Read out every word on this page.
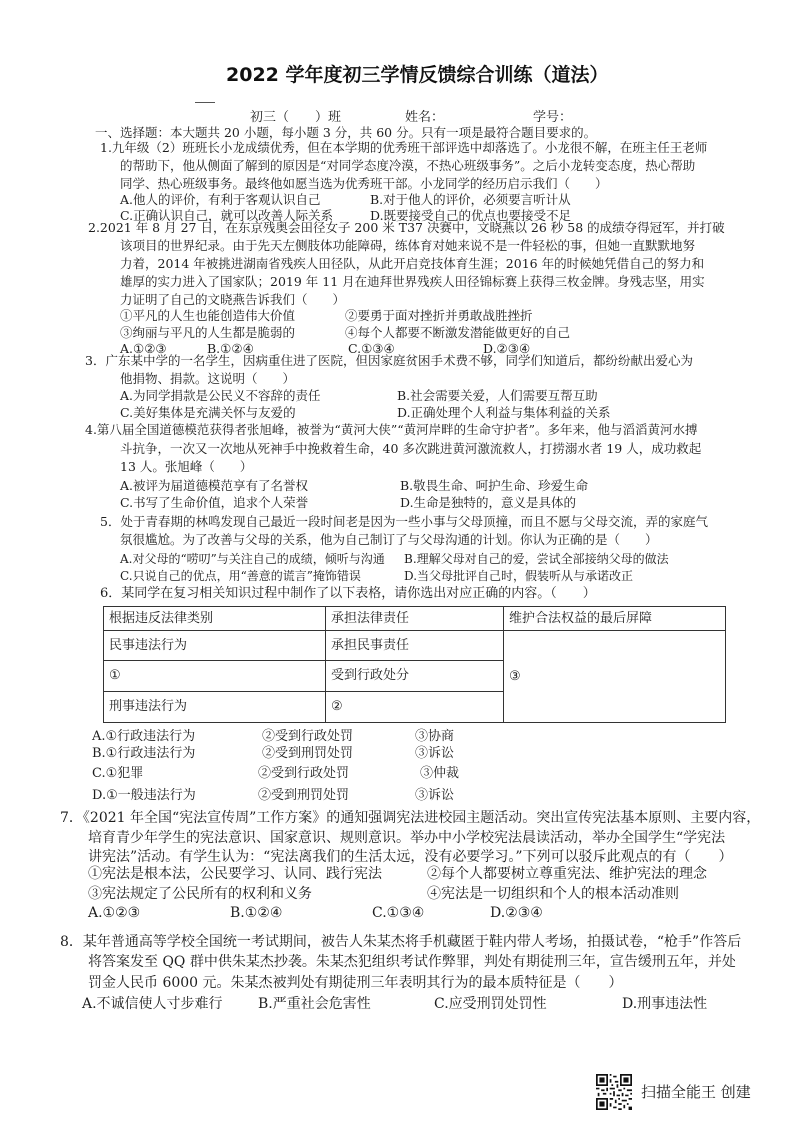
2022 学年度初三学情反馈综合训练（道法）
初三（　　）班	姓名：	学号：
一、选择题：本大题共 20 小题，每小题 3 分，共 60 分。只有一项是最符合题目要求的。
1.九年级（2）班班长小龙成绩优秀，但在本学期的优秀班干部评选中却落选了。小龙很不解，在班主任王老师
的帮助下，他从侧面了解到的原因是“对同学态度冷漠，不热心班级事务”。之后小龙转变态度，热心帮助
同学、热心班级事务。最终他如愿当选为优秀班干部。小龙同学的经历启示我们（　　）
A.他人的评价，有利于客观认识自己	B.对于他人的评价，必须要言听计从
C.正确认识自己，就可以改善人际关系	D.既要接受自己的优点也要接受不足
2.2021 年 8 月 27 日，在东京残奥会田径女子 200 米 T37 决赛中，文晓燕以 26 秒 58 的成绩夺得冠军，并打破
该项目的世界纪录。由于先天左侧肢体功能障碍，练体育对她来说不是一件轻松的事，但她一直默默地努
力着，2014 年被挑进湖南省残疾人田径队，从此开启竞技体育生涯；2016 年的时候她凭借自己的努力和
雄厚的实力进入了国家队；2019 年 11 月在迪拜世界残疾人田径锦标赛上获得三枚金牌。身残志坚，用实
力证明了自己的文晓燕告诉我们（　　）
①平凡的人生也能创造伟大价值	②要勇于面对挫折并勇敢战胜挫折
③绚丽与平凡的人生都是脆弱的	④每个人都要不断激发潜能做更好的自己
A.①②③	B.①②④	C.①③④	D.②③④
3．广东某中学的一名学生，因病重住进了医院，但因家庭贫困手术费不够，同学们知道后，都纷纷献出爱心为
他捐物、捐款。这说明（　　）
A.为同学捐款是公民义不容辞的责任	B.社会需要关爱，人们需要互帮互助
C.美好集体是充满关怀与友爱的	D.正确处理个人利益与集体利益的关系
4.第八届全国道德模范获得者张旭峰，被誉为“黄河大侠”“黄河岸畔的生命守护者”。多年来，他与滔滔黄河水搏
斗抗争，一次又一次地从死神手中挽救着生命，40 多次跳进黄河激流救人，打捞溺水者 19 人，成功救起
13 人。张旭峰（　　）
A.被评为届道德模范享有了名誉权	B.敬畏生命、呵护生命、珍爱生命
C.书写了生命价值，追求个人荣誉	D.生命是独特的，意义是具体的
5．处于青春期的林鸣发现自己最近一段时间老是因为一些小事与父母顶撞，而且不愿与父母交流，弄的家庭气
氛很尴尬。为了改善与父母的关系，他为自己制订了与父母沟通的计划。你认为正确的是（　　）
A.对父母的“唠叨”与关注自己的成绩，倾听与沟通 B.理解父母对自己的爱，尝试全部接纳父母的做法
C.只说自己的优点，用“善意的谎言”掩饰错误	D.当父母批评自己时，假装听从与承诺改正
6．某同学在复习相关知识过程中制作了以下表格，请你选出对应正确的内容。（　　）
根据违反法律类别	承担法律责任	维护合法权益的最后屏障
民事违法行为	承担民事责任	③
①	受到行政处分	
刑事违法行为	②	
A.①行政违法行为	②受到行政处罚	③协商
B.①行政违法行为	②受到刑罚处罚	③诉讼
C.①犯罪	②受到行政处罚	③仲裁
D.①一般违法行为	②受到刑罚处罚	③诉讼
7．《2021 年全国“宪法宣传周”工作方案》的通知强调宪法进校园主题活动。突出宣传宪法基本原则、主要内容，
培育青少年学生的宪法意识、国家意识、规则意识。举办中小学校宪法晨读活动，举办全国学生“学宪法
讲宪法”活动。有学生认为：“宪法离我们的生活太远，没有必要学习。”下列可以驳斥此观点的有（　　）
①宪法是根本法，公民要学习、认同、践行宪法	②每个人都要树立尊重宪法、维护宪法的理念
③宪法规定了公民所有的权利和义务	④宪法是一切组织和个人的根本活动准则
A.①②③	B.①②④	C.①③④	D.②③④
8．某年普通高等学校全国统一考试期间，被告人朱某杰将手机藏匿于鞋内带人考场，拍摄试卷，“枪手”作答后
将答案发至 QQ 群中供朱某杰抄袭。朱某杰犯组织考试作弊罪，判处有期徒刑三年，宣告缓刑五年，并处
罚金人民币 6000 元。朱某杰被判处有期徒刑三年表明其行为的最本质特征是（　　）
A.不诚信使人寸步难行	B.严重社会危害性	C.应受刑罚处罚性	D.刑事违法性
扫描全能王 创建
